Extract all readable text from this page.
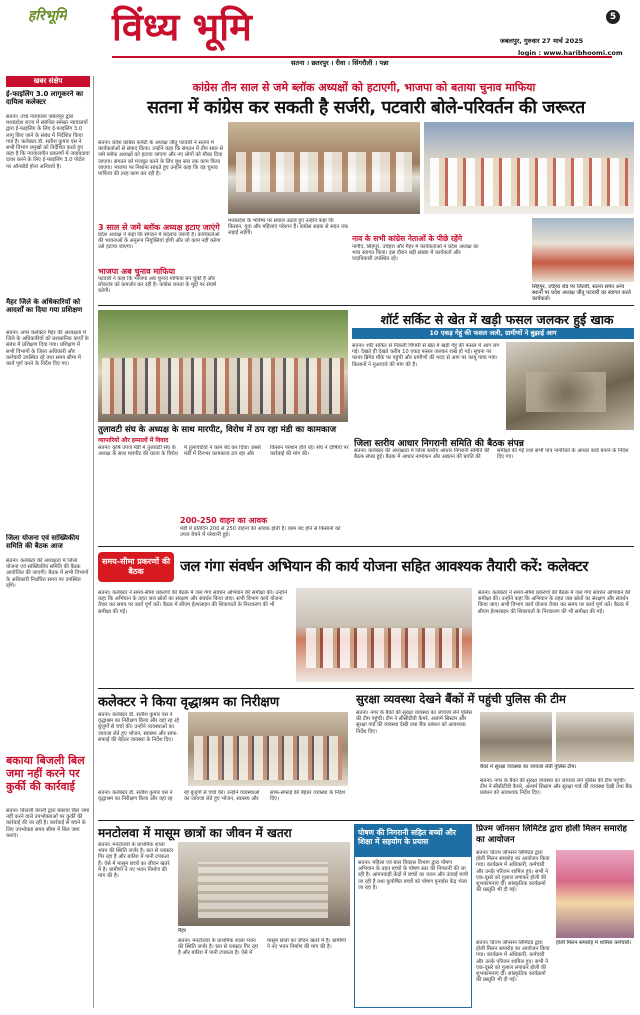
हरिभूमि विंध्य भूमि	5
जबलपुर, गुरुवार 27 मार्च 2025
login : www.haribhoomi.com
सतना । छतरपुर । रीवा । सिंगरौली । पन्ना
खबर संक्षेप
ई-फाइलिंग 3.0 लागूकरने का दायित्व कलेक्टर
सतना। उच्च न्यायालय जबलपुर द्वारा मध्यप्रदेश राज्य में संबंधित समस्त न्यायालयों द्वारा ई-फाइलिंग के लिए ई-फाइलिंग 3.0 लागू किए जाने के संबंध में निर्देशित किया गया है। कलेक्टर डॉ. सतीश कुमार एस ने सभी विभाग प्रमुखों को निर्देशित करते हुए कहा है कि न्यायालयीन प्रकरणों में जवाबदावा दायर करने के लिए ई-फाइलिंग 3.0 पोर्टल पर ऑनबोर्ड होना अनिवार्य है।
मैहर जिले के अधिकारियों को आदर्शों का दिया गया प्रशिक्षण
सतना। अपर कलेक्टर मैहर की अध्यक्षता में जिले के अधिकारियों को प्रशासनिक कार्यों के संबंध में प्रशिक्षण दिया गया। प्रशिक्षण में सभी विभागों के जिला अधिकारी और कर्मचारी उपस्थित रहे तथा समय सीमा में कार्य पूर्ण करने के निर्देश दिए गए।
जिला योजना एवं सांख्यिकीय समिति की बैठक आज
सतना। कलेक्टर की अध्यक्षता में जिला योजना एवं सांख्यिकीय समिति की बैठक आयोजित की जाएगी। बैठक में सभी विभागों के अधिकारी निर्धारित समय पर उपस्थित रहेंगे।
बकाया बिजली बिल जमा नहीं करने पर कुर्की की कार्रवाई
सतना। बिजली कंपनी द्वारा बकाया बिल जमा नहीं करने वाले उपभोक्ताओं पर कुर्की की कार्रवाई की जा रही है। कार्रवाई से बचने के लिए उपभोक्ता समय सीमा में बिल जमा कराएं।
कांग्रेस तीन साल से जमे ब्लॉक अध्यक्षों को हटाएगी, भाजपा को बताया चुनाव माफिया
सतना में कांग्रेस कर सकती है सर्जरी, पटवारी बोले-परिवर्तन की जरूरत
सतना। प्रदेश कांग्रेस कमेटी के अध्यक्ष जीतू पटवारी ने सतना में कार्यकर्ताओं से संवाद किया। उन्होंने कहा कि संगठन में तीन साल से जमे ब्लॉक अध्यक्षों को हटाया जाएगा और नए लोगों को मौका दिया जाएगा। संगठन को मजबूत करने के लिए बूथ स्तर तक काम किया जाएगा। भाजपा पर निशाना साधते हुए उन्होंने कहा कि वह चुनाव माफिया की तरह काम कर रही है।
3 साल से जमे ब्लॉक अध्यक्ष हटाए जाएंगे
प्रदेश अध्यक्ष ने कहा कि संगठन में बदलाव जरूरी है। कार्यकर्ताओं की भावनाओं के अनुरूप नियुक्तियां होंगी और जो काम नहीं करेगा उसे हटाया जाएगा।
भाजपा अब चुनाव माफिया
पटवारी ने कहा कि भाजपा अब चुनाव माफिया बन चुकी है और लोकतंत्र को कमजोर कर रही है। कांग्रेस जनता के मुद्दों पर संघर्ष करेगी।
मध्यप्रदेश के भविष्य पर सवाल उठाते हुए उन्होंने कहा कि किसान, युवा और महिलाएं परेशान हैं। कांग्रेस सड़क से सदन तक लड़ाई लड़ेगी।
नाव के सभी कांग्रेस नेताओं के पीछे रहेंगे
नागौद, सिंहपुर, उचेहरा और मैहर में कार्यकर्ताओं ने प्रदेश अध्यक्ष का भव्य स्वागत किया। इस दौरान बड़ी संख्या में कार्यकर्ता और पदाधिकारी उपस्थित रहे।
सिंहपुर, उचेहरा रोड पर जितवी, सतना समेत अन्य स्थानों पर प्रदेश अध्यक्ष जीतू पटवारी का स्वागत करते कार्यकर्ता।
शॉर्ट सर्किट से खेत में खड़ी फसल जलकर हुई खाक
10 एकड़ गेहूं की फसल जली, ग्रामीणों ने बुझाई आग
सतना। शॉर्ट सर्किट से निकली चिंगारी से खेत में खड़ी गेहूं की फसल में आग लग गई। देखते ही देखते करीब 10 एकड़ फसल जलकर राख हो गई। सूचना पर फायर ब्रिगेड मौके पर पहुंची और ग्रामीणों की मदद से आग पर काबू पाया गया। किसानों ने मुआवजे की मांग की है।
तुलावटी संघ के अध्यक्ष के साथ मारपीट, विरोध में ठप रहा मंडी का कामकाज
व्यापारियों और हम्मालों में विवाद
सतना। कृषि उपज मंडी में तुलावटी संघ के अध्यक्ष के साथ मारपीट की घटना के विरोध में तुलावटियों ने काम बंद कर दिया। इससे मंडी में दिनभर कामकाज ठप रहा और किसान परेशान होते रहे। संघ ने दोषियों पर कार्रवाई की मांग की।
200-250 वाहन का आवक
मंडी में प्रतिदिन 200 से 250 वाहनों की आवक होती है। काम बंद होने से किसानों को उपज बेचने में परेशानी हुई।
जिला स्तरीय आधार निगरानी समिति की बैठक संपन्न
सतना। कलेक्टर की अध्यक्षता में जिला स्तरीय आधार निगरानी समिति की बैठक संपन्न हुई। बैठक में आधार नामांकन और अद्यतन की प्रगति की समीक्षा की गई तथा सभी पात्र नागरिकों के आधार कार्ड बनाने के निर्देश दिए गए।
समय-सीमा प्रकरणों की बैठक	जल गंगा संवर्धन अभियान की कार्य योजना सहित आवश्यक तैयारी करें: कलेक्टर
सतना। कलेक्टर ने समय-सीमा प्रकरणों की बैठक में जल गंगा संवर्धन अभियान की समीक्षा की। उन्होंने कहा कि अभियान के तहत जल स्रोतों का संरक्षण और संवर्धन किया जाए। सभी विभाग कार्य योजना तैयार कर समय पर कार्य पूर्ण करें। बैठक में सीएम हेल्पलाइन की शिकायतों के निराकरण की भी समीक्षा की गई।
सतना। कलेक्टर ने समय-सीमा प्रकरणों की बैठक में जल गंगा संवर्धन अभियान की समीक्षा की। उन्होंने कहा कि अभियान के तहत जल स्रोतों का संरक्षण और संवर्धन किया जाए। सभी विभाग कार्य योजना तैयार कर समय पर कार्य पूर्ण करें। बैठक में सीएम हेल्पलाइन की शिकायतों के निराकरण की भी समीक्षा की गई।
कलेक्टर ने किया वृद्धाश्रम का निरीक्षण
सतना। कलेक्टर डॉ. सतीश कुमार एस ने वृद्धाश्रम का निरीक्षण किया और वहां रह रहे बुजुर्गों से चर्चा की। उन्होंने व्यवस्थाओं का जायजा लेते हुए भोजन, स्वास्थ्य और साफ-सफाई की बेहतर व्यवस्था के निर्देश दिए।
सतना। कलेक्टर डॉ. सतीश कुमार एस ने वृद्धाश्रम का निरीक्षण किया और वहां रह रहे बुजुर्गों से चर्चा की। उन्होंने व्यवस्थाओं का जायजा लेते हुए भोजन, स्वास्थ्य और साफ-सफाई की बेहतर व्यवस्था के निर्देश दिए।
सुरक्षा व्यवस्था देखने बैंकों में पहुंची पुलिस की टीम
सतना। नगर के बैंकों की सुरक्षा व्यवस्था का जायजा लेने पुलिस की टीम पहुंची। टीम ने सीसीटीवी कैमरे, अलार्म सिस्टम और सुरक्षा गार्ड की व्यवस्था देखी तथा बैंक प्रबंधन को आवश्यक निर्देश दिए।
बैंकों में सुरक्षा व्यवस्था का जायजा लेती पुलिस टीम।
सतना। नगर के बैंकों की सुरक्षा व्यवस्था का जायजा लेने पुलिस की टीम पहुंची। टीम ने सीसीटीवी कैमरे, अलार्म सिस्टम और सुरक्षा गार्ड की व्यवस्था देखी तथा बैंक प्रबंधन को आवश्यक निर्देश दिए।
मनटोलवा में मासूम छात्रों का जीवन में खतरा
सतना। मनटोलवा के प्राथमिक शाला भवन की स्थिति जर्जर है। छत से प्लास्टर गिर रहा है और बारिश में पानी टपकता है। ऐसे में मासूम छात्रों का जीवन खतरे में है। ग्रामीणों ने नए भवन निर्माण की मांग की है।
मैहर
सतना। मनटोलवा के प्राथमिक शाला भवन की स्थिति जर्जर है। छत से प्लास्टर गिर रहा है और बारिश में पानी टपकता है। ऐसे में मासूम छात्रों का जीवन खतरे में है। ग्रामीणों ने नए भवन निर्माण की मांग की है।
पोषण की निगरानी सहित बच्चों और शिक्षा में सहयोग के प्रयास
सतना। महिला एवं बाल विकास विभाग द्वारा पोषण अभियान के तहत बच्चों के पोषण स्तर की निगरानी की जा रही है। आंगनवाड़ी केंद्रों में बच्चों का वजन और ऊंचाई मापी जा रही है तथा कुपोषित बच्चों को पोषण पुनर्वास केंद्र भेजा जा रहा है।
प्रिज्म जॉनसन लिमिटेड द्वारा होली मिलन समारोह का आयोजन
सतना। प्रिज्म जॉनसन लिमिटेड द्वारा होली मिलन समारोह का आयोजन किया गया। कार्यक्रम में अधिकारी, कर्मचारी और उनके परिजन शामिल हुए। सभी ने एक-दूसरे को गुलाल लगाकर होली की शुभकामनाएं दीं। सांस्कृतिक कार्यक्रमों की प्रस्तुति भी दी गई।
होली मिलन समारोह में शामिल कर्मचारी।
सतना। प्रिज्म जॉनसन लिमिटेड द्वारा होली मिलन समारोह का आयोजन किया गया। कार्यक्रम में अधिकारी, कर्मचारी और उनके परिजन शामिल हुए। सभी ने एक-दूसरे को गुलाल लगाकर होली की शुभकामनाएं दीं। सांस्कृतिक कार्यक्रमों की प्रस्तुति भी दी गई।
